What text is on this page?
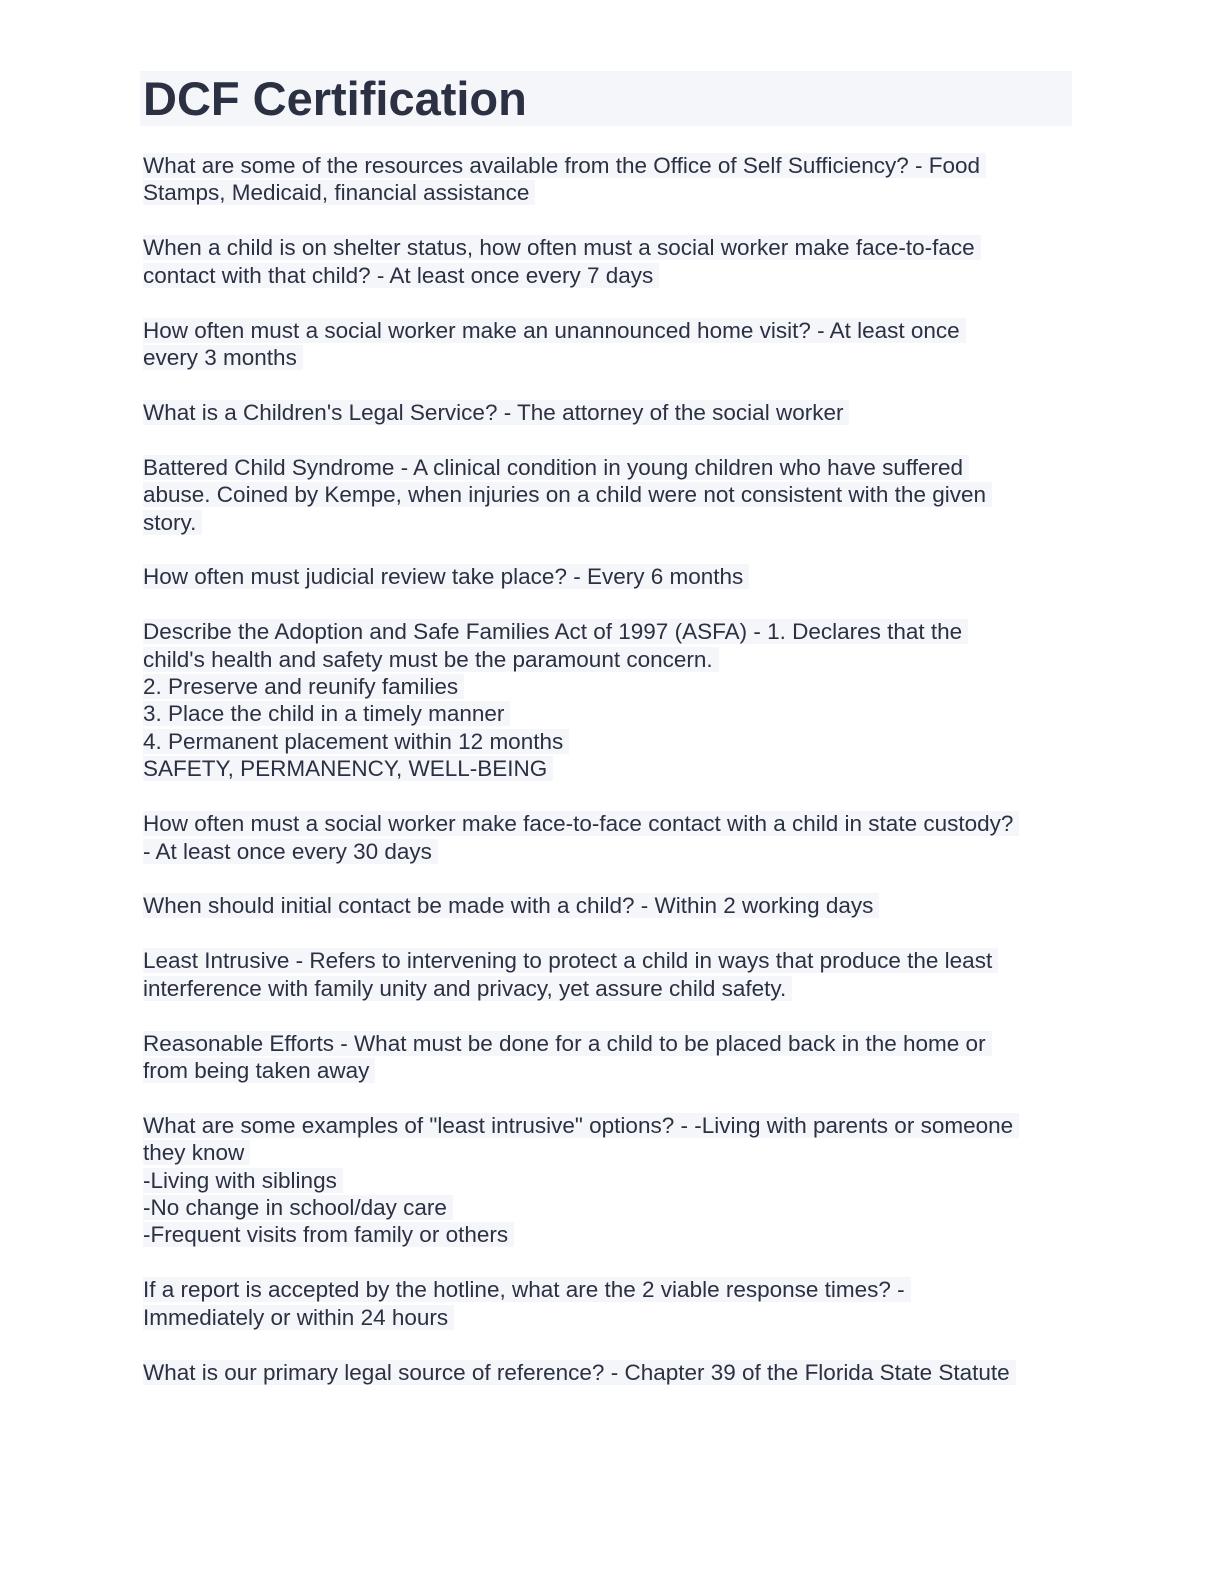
DCF Certification
What are some of the resources available from the Office of Self Sufficiency? - Food
Stamps, Medicaid, financial assistance
When a child is on shelter status, how often must a social worker make face-to-face
contact with that child? - At least once every 7 days
How often must a social worker make an unannounced home visit? - At least once
every 3 months
What is a Children's Legal Service? - The attorney of the social worker
Battered Child Syndrome - A clinical condition in young children who have suffered
abuse. Coined by Kempe, when injuries on a child were not consistent with the given
story.
How often must judicial review take place? - Every 6 months
Describe the Adoption and Safe Families Act of 1997 (ASFA) - 1. Declares that the
child's health and safety must be the paramount concern.
2. Preserve and reunify families
3. Place the child in a timely manner
4. Permanent placement within 12 months
SAFETY, PERMANENCY, WELL-BEING
How often must a social worker make face-to-face contact with a child in state custody?
- At least once every 30 days
When should initial contact be made with a child? - Within 2 working days
Least Intrusive - Refers to intervening to protect a child in ways that produce the least
interference with family unity and privacy, yet assure child safety.
Reasonable Efforts - What must be done for a child to be placed back in the home or
from being taken away
What are some examples of "least intrusive" options? - -Living with parents or someone
they know
-Living with siblings
-No change in school/day care
-Frequent visits from family or others
If a report is accepted by the hotline, what are the 2 viable response times? -
Immediately or within 24 hours
What is our primary legal source of reference? - Chapter 39 of the Florida State Statute
